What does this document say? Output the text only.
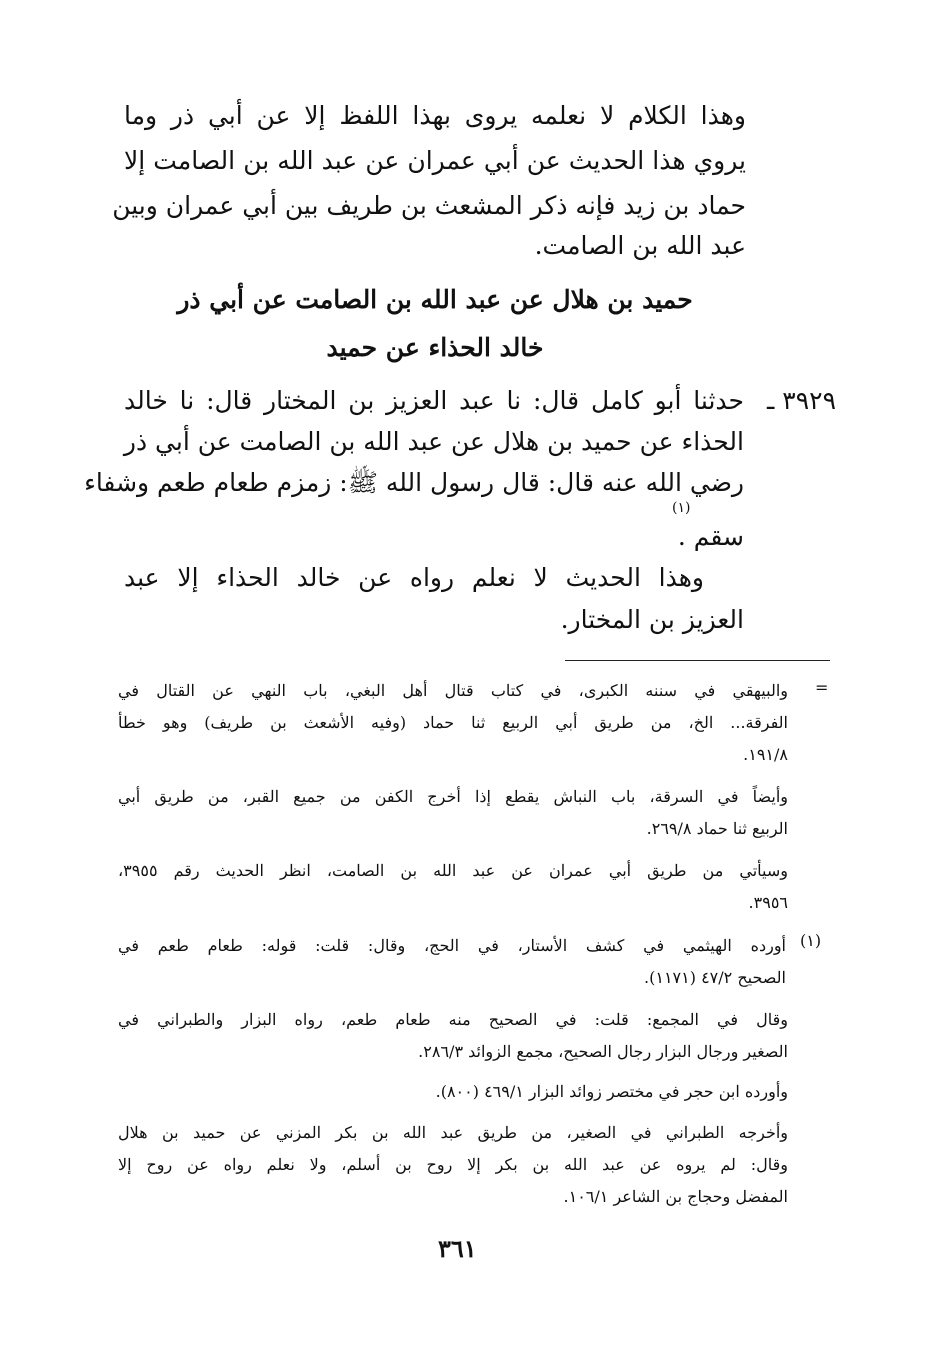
وهذا الكلام لا نعلمه يروى بهذا اللفظ إلا عن أبي ذر وما
يروي هذا الحديث عن أبي عمران عن عبد الله بن الصامت إلا
حماد بن زيد فإنه ذكر المشعث بن طريف بين أبي عمران وبين
عبد الله بن الصامت.
حميد بن هلال عن عبد الله بن الصامت عن أبي ذر
خالد الحذاء عن حميد
٣٩٢٩ ـ
حدثنا أبو كامل قال: نا عبد العزيز بن المختار قال: نا خالد
الحذاء عن حميد بن هلال عن عبد الله بن الصامت عن أبي ذر
رضي الله عنه قال: قال رسول الله ﷺ: زمزم طعام طعم وشفاء
سقم .
(١)
وهذا الحديث لا نعلم رواه عن خالد الحذاء إلا عبد
العزيز بن المختار.
=
والبيهقي في سننه الكبرى، في كتاب قتال أهل البغي، باب النهي عن القتال في
الفرقة... الخ، من طريق أبي الربيع ثنا حماد (وفيه الأشعث بن طريف) وهو خطأ
١٩١/٨.
وأيضاً في السرقة، باب النباش يقطع إذا أخرج الكفن من جميع القبر، من طريق أبي
الربيع ثنا حماد ٢٦٩/٨.
وسيأتي من طريق أبي عمران عن عبد الله بن الصامت، انظر الحديث رقم ٣٩٥٥،
٣٩٥٦.
(١)
أورده الهيثمي في كشف الأستار، في الحج، وقال: قلت: قوله: طعام طعم في
الصحيح ٤٧/٢ (١١٧١).
وقال في المجمع: قلت: في الصحيح منه طعام طعم، رواه البزار والطبراني في
الصغير ورجال البزار رجال الصحيح، مجمع الزوائد ٢٨٦/٣.
وأورده ابن حجر في مختصر زوائد البزار ٤٦٩/١ (٨٠٠).
وأخرجه الطبراني في الصغير، من طريق عبد الله بن بكر المزني عن حميد بن هلال
وقال: لم يروه عن عبد الله بن بكر إلا روح بن أسلم، ولا نعلم رواه عن روح إلا
المفضل وحجاج بن الشاعر ١٠٦/١.
٣٦١
